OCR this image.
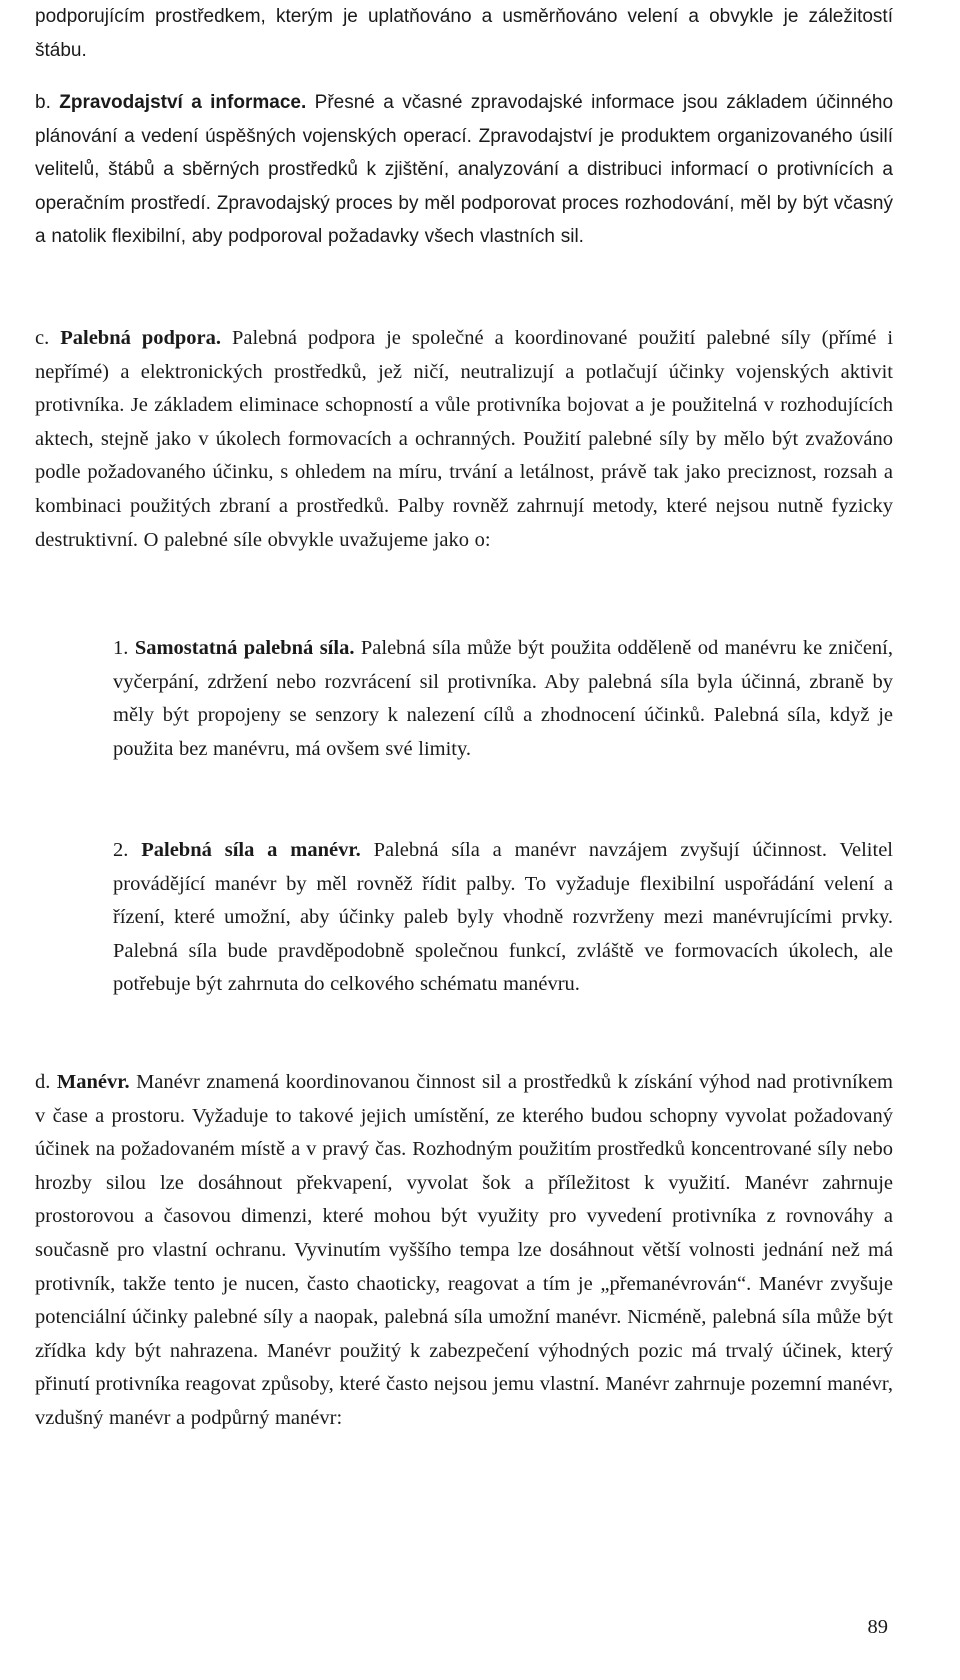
podporujícím prostředkem, kterým je uplatňováno a usměrňováno velení a obvykle je záležitostí štábu.

b. Zpravodajství a informace. Přesné a včasné zpravodajské informace jsou základem účinného plánování a vedení úspěšných vojenských operací. Zpravodajství je produktem organizovaného úsilí velitelů, štábů a sběrných prostředků k zjištění, analyzování a distribuci informací o protivnících a operačním prostředí. Zpravodajský proces by měl podporovat proces rozhodování, měl by být včasný a natolik flexibilní, aby podporoval požadavky všech vlastních sil.

c. Palebná podpora. Palebná podpora je společné a koordinované použití palebné síly (přímé i nepřímé) a elektronických prostředků, jež ničí, neutralizují a potlačují účinky vojenských aktivit protivníka. Je základem eliminace schopností a vůle protivníka bojovat a je použitelná v rozhodujících aktech, stejně jako v úkolech formovacích a ochranných. Použití palebné síly by mělo být zvažováno podle požadovaného účinku, s ohledem na míru, trvání a letálnost, právě tak jako preciznost, rozsah a kombinaci použitých zbraní a prostředků. Palby rovněž zahrnují metody, které nejsou nutně fyzicky destruktivní. O palebné síle obvykle uvažujeme jako o:

1. Samostatná palebná síla. Palebná síla může být použita odděleně od manévru ke zničení, vyčerpání, zdržení nebo rozvrácení sil protivníka. Aby palebná síla byla účinná, zbraně by měly být propojeny se senzory k nalezení cílů a zhodnocení účinků. Palebná síla, když je použita bez manévru, má ovšem své limity.

2. Palebná síla a manévr. Palebná síla a manévr navzájem zvyšují účinnost. Velitel provádějící manévr by měl rovněž řídit palby. To vyžaduje flexibilní uspořádání velení a řízení, které umožní, aby účinky paleb byly vhodně rozvrženy mezi manévrujícími prvky. Palebná síla bude pravděpodobně společnou funkcí, zvláště ve formovacích úkolech, ale potřebuje být zahrnuta do celkového schématu manévru.

d. Manévr. Manévr znamená koordinovanou činnost sil a prostředků k získání výhod nad protivníkem v čase a prostoru. Vyžaduje to takové jejich umístění, ze kterého budou schopny vyvolat požadovaný účinek na požadovaném místě a v pravý čas. Rozhodným použitím prostředků koncentrované síly nebo hrozby silou lze dosáhnout překvapení, vyvolat šok a příležitost k využití. Manévr zahrnuje prostorovou a časovou dimenzi, které mohou být využity pro vyvedení protivníka z rovnováhy a současně pro vlastní ochranu. Vyvinutím vyššího tempa lze dosáhnout větší volnosti jednání než má protivník, takže tento je nucen, často chaoticky, reagovat a tím je „přemanévrován“. Manévr zvyšuje potenciální účinky palebné síly a naopak, palebná síla umožní manévr. Nicméně, palebná síla může být zřídka kdy být nahrazena. Manévr použitý k zabezpečení výhodných pozic má trvalý účinek, který přinutí protivníka reagovat způsoby, které často nejsou jemu vlastní. Manévr zahrnuje pozemní manévr, vzdušný manévr a podpůrný manévr:

89
